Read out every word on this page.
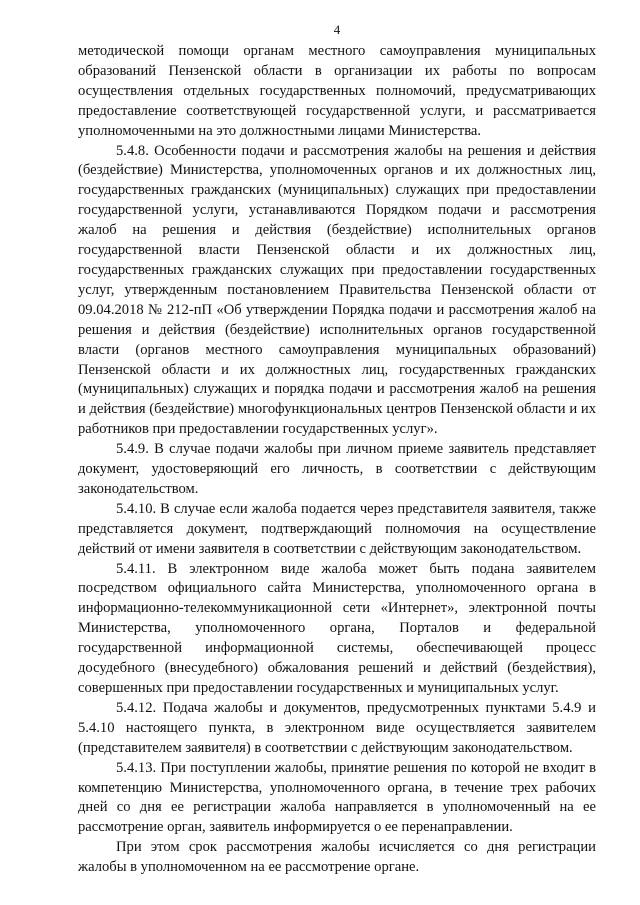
4

методической помощи органам местного самоуправления муниципальных образований Пензенской области в организации их работы по вопросам осуществления отдельных государственных полномочий, предусматривающих предоставление соответствующей государственной услуги, и рассматривается уполномоченными на это должностными лицами Министерства.

5.4.8. Особенности подачи и рассмотрения жалобы на решения и действия (бездействие) Министерства, уполномоченных органов и их должностных лиц, государственных гражданских (муниципальных) служащих при предоставлении государственной услуги, устанавливаются Порядком подачи и рассмотрения жалоб на решения и действия (бездействие) исполнительных органов государственной власти Пензенской области и их должностных лиц, государственных гражданских служащих при предоставлении государственных услуг, утвержденным постановлением Правительства Пензенской области от 09.04.2018 № 212-пП «Об утверждении Порядка подачи и рассмотрения жалоб на решения и действия (бездействие) исполнительных органов государственной власти (органов местного самоуправления муниципальных образований) Пензенской области и их должностных лиц, государственных гражданских (муниципальных) служащих и порядка подачи и рассмотрения жалоб на решения и действия (бездействие) многофункциональных центров Пензенской области и их работников при предоставлении государственных услуг».

5.4.9. В случае подачи жалобы при личном приеме заявитель представляет документ, удостоверяющий его личность, в соответствии с действующим законодательством.

5.4.10. В случае если жалоба подается через представителя заявителя, также представляется документ, подтверждающий полномочия на осуществление действий от имени заявителя в соответствии с действующим законодательством.

5.4.11. В электронном виде жалоба может быть подана заявителем посредством официального сайта Министерства, уполномоченного органа в информационно-телекоммуникационной сети «Интернет», электронной почты Министерства, уполномоченного органа, Порталов и федеральной государственной информационной системы, обеспечивающей процесс досудебного (внесудебного) обжалования решений и действий (бездействия), совершенных при предоставлении государственных и муниципальных услуг.

5.4.12. Подача жалобы и документов, предусмотренных пунктами 5.4.9 и 5.4.10 настоящего пункта, в электронном виде осуществляется заявителем (представителем заявителя) в соответствии с действующим законодательством.

5.4.13. При поступлении жалобы, принятие решения по которой не входит в компетенцию Министерства, уполномоченного органа, в течение трех рабочих дней со дня ее регистрации жалоба направляется в уполномоченный на ее рассмотрение орган, заявитель информируется о ее перенаправлении.

При этом срок рассмотрения жалобы исчисляется со дня регистрации жалобы в уполномоченном на ее рассмотрение органе.
